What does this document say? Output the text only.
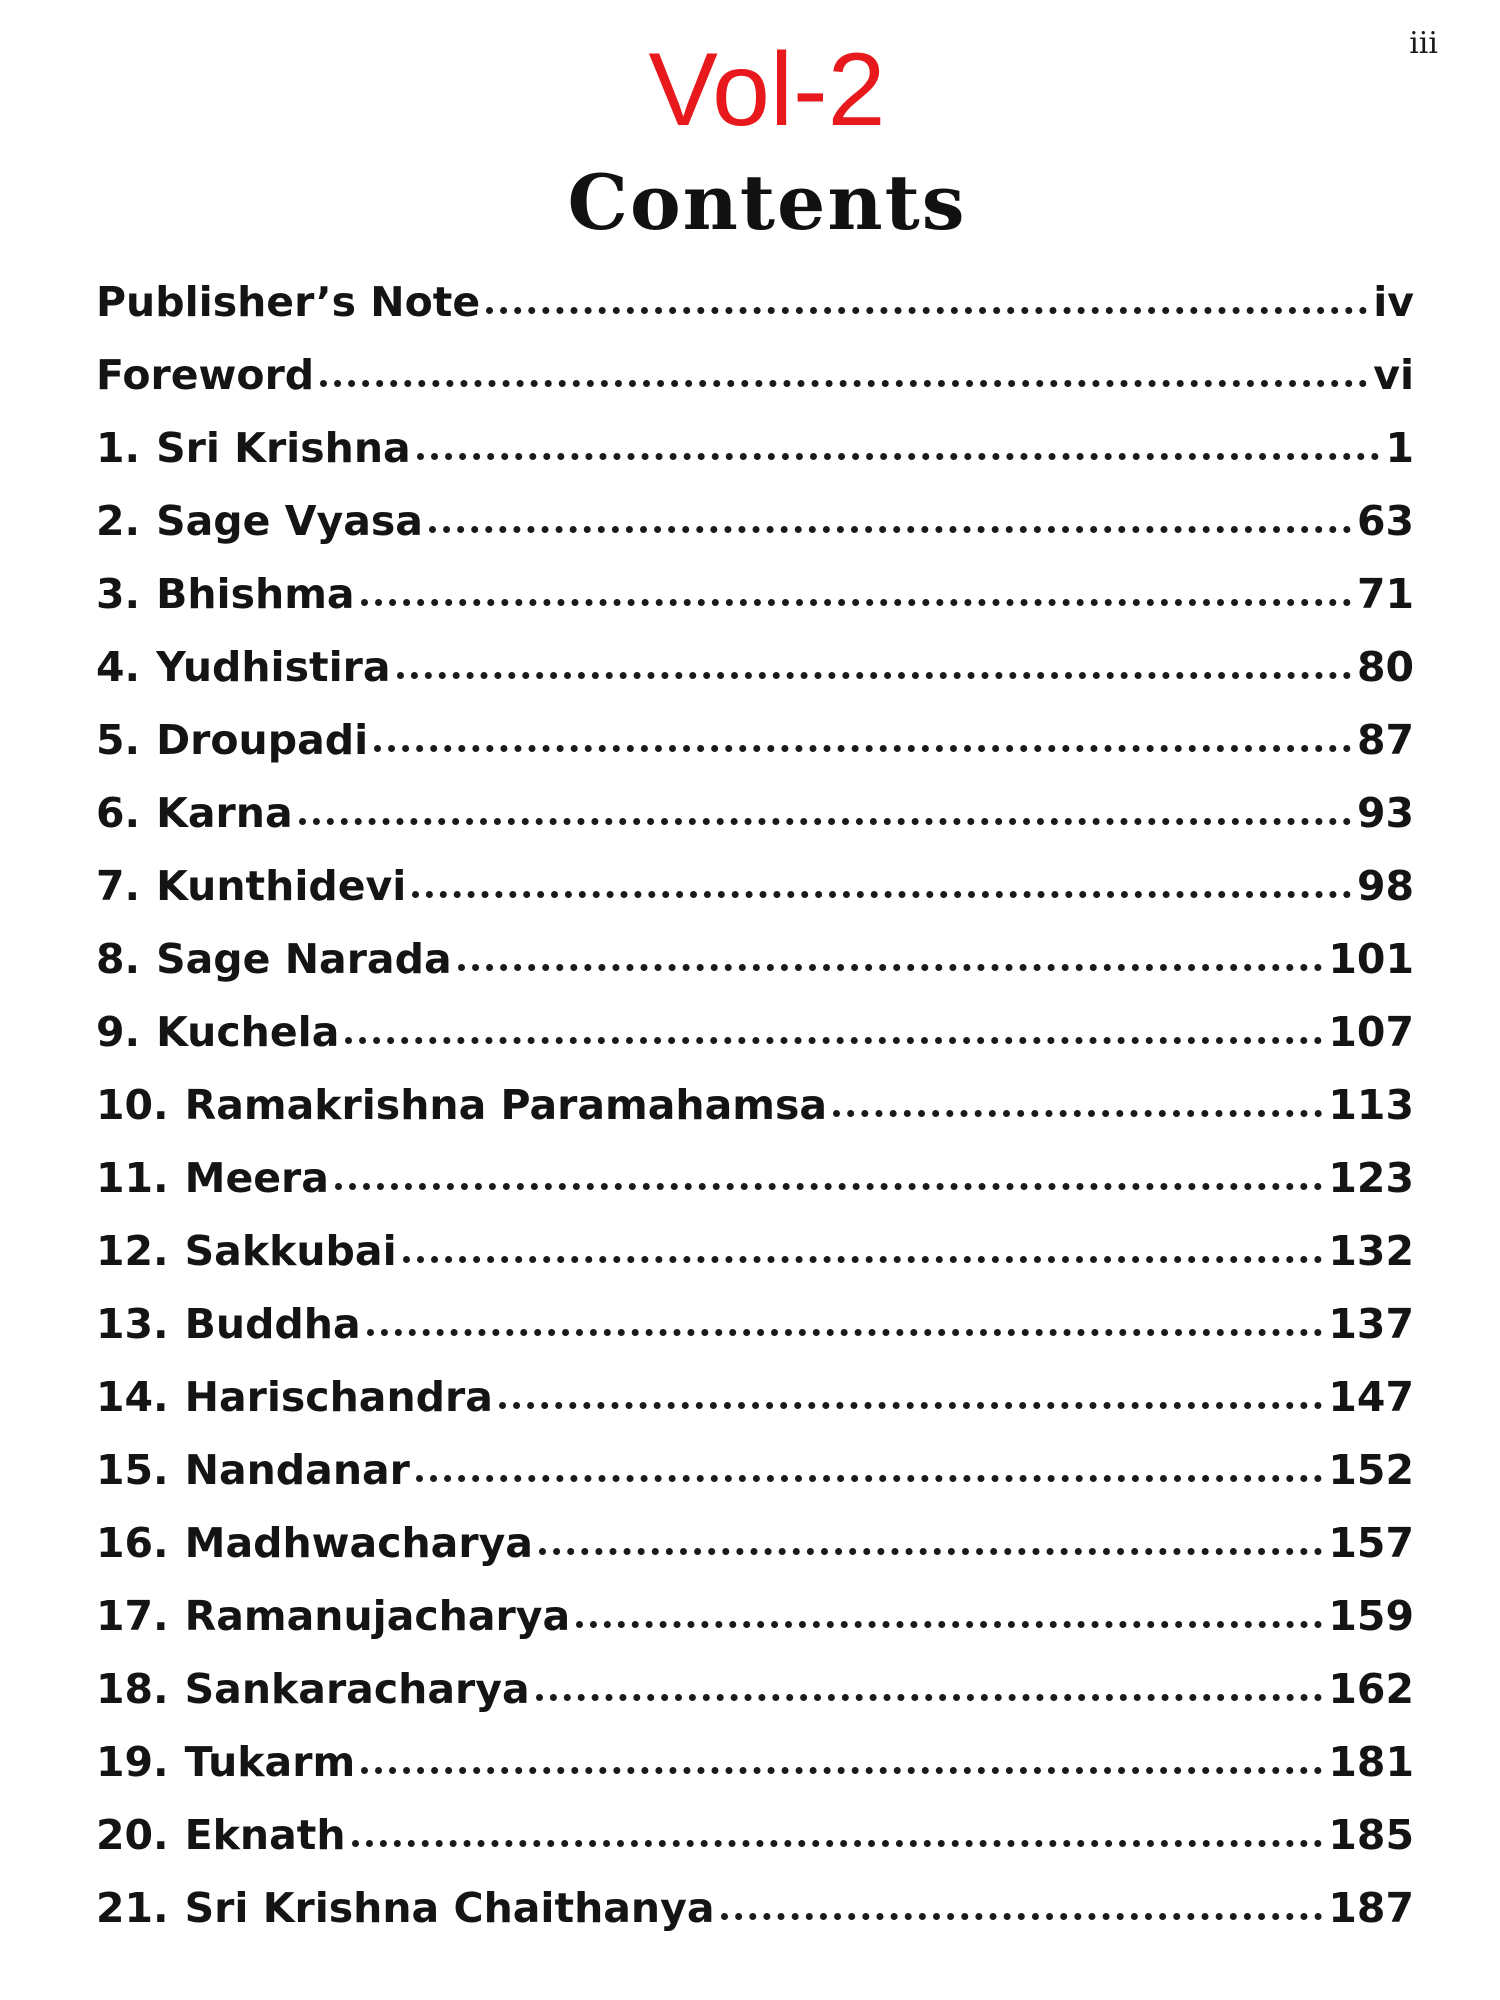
iii
Vol-2
Contents
Publisher’s Note	iv
Foreword	vi
1. Sri Krishna	1
2. Sage Vyasa	63
3. Bhishma	71
4. Yudhistira	80
5. Droupadi	87
6. Karna	93
7. Kunthidevi	98
8. Sage Narada	101
9. Kuchela	107
10. Ramakrishna Paramahamsa	113
11. Meera	123
12. Sakkubai	132
13. Buddha	137
14. Harischandra	147
15. Nandanar	152
16. Madhwacharya	157
17. Ramanujacharya	159
18. Sankaracharya	162
19. Tukarm	181
20. Eknath	185
21. Sri Krishna Chaithanya	187
